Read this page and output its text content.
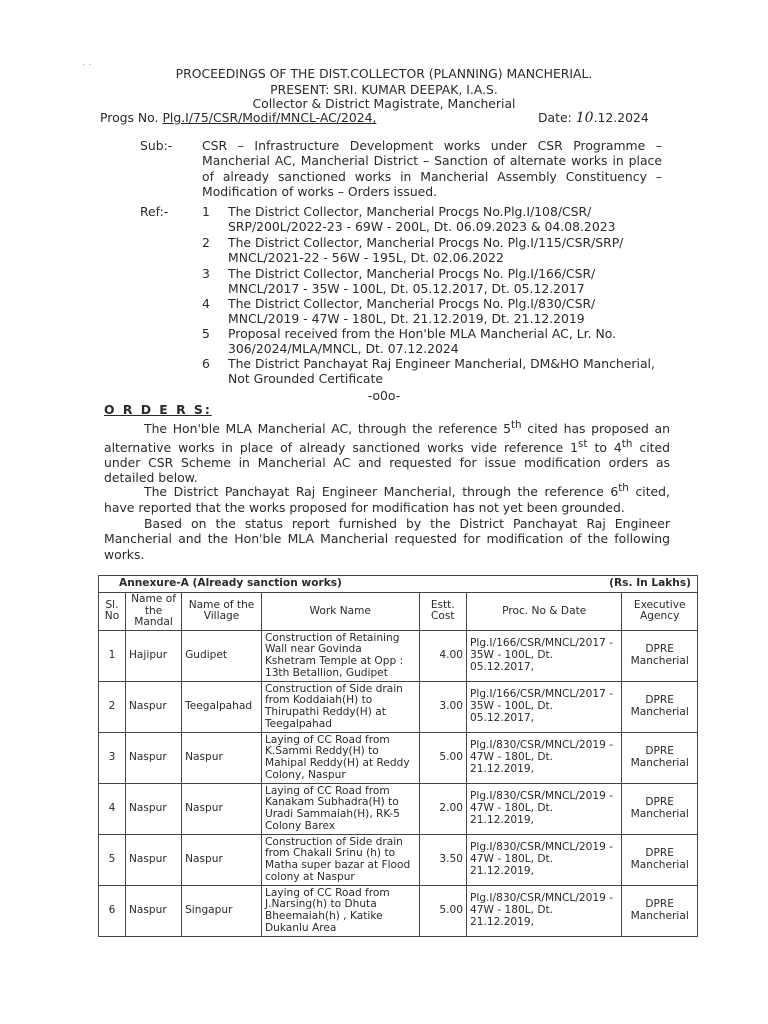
· ·
PROCEEDINGS OF THE DIST.COLLECTOR (PLANNING) MANCHERIAL.
PRESENT: SRI. KUMAR DEEPAK, I.A.S.
Collector & District Magistrate, Mancherial
Progs No. Plg.I/75/CSR/Modif/MNCL-AC/2024,	Date: 10.12.2024
Sub:- CSR – Infrastructure Development works under CSR Programme – Mancherial AC, Mancherial District – Sanction of alternate works in place of already sanctioned works in Mancherial Assembly Constituency – Modification of works – Orders issued.
Ref:-	1 The District Collector, Mancherial Procgs No.Plg.I/108/CSR/ SRP/200L/2022-23 - 69W - 200L, Dt. 06.09.2023 & 04.08.2023
2 The District Collector, Mancherial Procgs No. Plg.I/115/CSR/SRP/ MNCL/2021-22 - 56W - 195L, Dt. 02.06.2022
3 The District Collector, Mancherial Procgs No. Plg.I/166/CSR/ MNCL/2017 - 35W - 100L, Dt. 05.12.2017, Dt. 05.12.2017
4 The District Collector, Mancherial Procgs No. Plg.I/830/CSR/ MNCL/2019 - 47W - 180L, Dt. 21.12.2019, Dt. 21.12.2019
5 Proposal received from the Hon'ble MLA Mancherial AC, Lr. No. 306/2024/MLA/MNCL, Dt. 07.12.2024
6 The District Panchayat Raj Engineer Mancherial, DM&HO Mancherial, Not Grounded Certificate
-o0o-
O R D E R S:
The Hon'ble MLA Mancherial AC, through the reference 5th cited has proposed an alternative works in place of already sanctioned works vide reference 1st to 4th cited under CSR Scheme in Mancherial AC and requested for issue modification orders as detailed below.
The District Panchayat Raj Engineer Mancherial, through the reference 6th cited, have reported that the works proposed for modification has not yet been grounded.
Based on the status report furnished by the District Panchayat Raj Engineer Mancherial and the Hon'ble MLA Mancherial requested for modification of the following works.
Annexure-A (Already sanction works) (Rs. In Lakhs)						

Sl. No	Name of the Mandal	Name of the Village	Work Name	Estt. Cost	Proc. No & Date	Executive Agency
1	Hajipur	Gudipet	Construction of Retaining Wall near Govinda Kshetram Temple at Opp : 13th Betallion, Gudipet	4.00	Plg.I/166/CSR/MNCL/2017 - 35W - 100L, Dt. 05.12.2017,	DPRE Mancherial
2	Naspur	Teegalpahad	Construction of Side drain from Koddaiah(H) to Thirupathi Reddy(H) at Teegalpahad	3.00	Plg.I/166/CSR/MNCL/2017 - 35W - 100L, Dt. 05.12.2017,	DPRE Mancherial
3	Naspur	Naspur	Laying of CC Road from K.Sammi Reddy(H) to Mahipal Reddy(H) at Reddy Colony, Naspur	5.00	Plg.I/830/CSR/MNCL/2019 - 47W - 180L, Dt. 21.12.2019,	DPRE Mancherial
4	Naspur	Naspur	Laying of CC Road from Kanakam Subhadra(H) to Uradi Sammaiah(H), RK-5 Colony Barex	2.00	Plg.I/830/CSR/MNCL/2019 - 47W - 180L, Dt. 21.12.2019,	DPRE Mancherial
5	Naspur	Naspur	Construction of Side drain from Chakali Srinu (h) to Matha super bazar at Flood colony at Naspur	3.50	Plg.I/830/CSR/MNCL/2019 - 47W - 180L, Dt. 21.12.2019,	DPRE Mancherial
6	Naspur	Singapur	Laying of CC Road from J.Narsing(h) to Dhuta Bheemaiah(h) , Katike Dukanlu Area	5.00	Plg.I/830/CSR/MNCL/2019 - 47W - 180L, Dt. 21.12.2019,	DPRE Mancherial
